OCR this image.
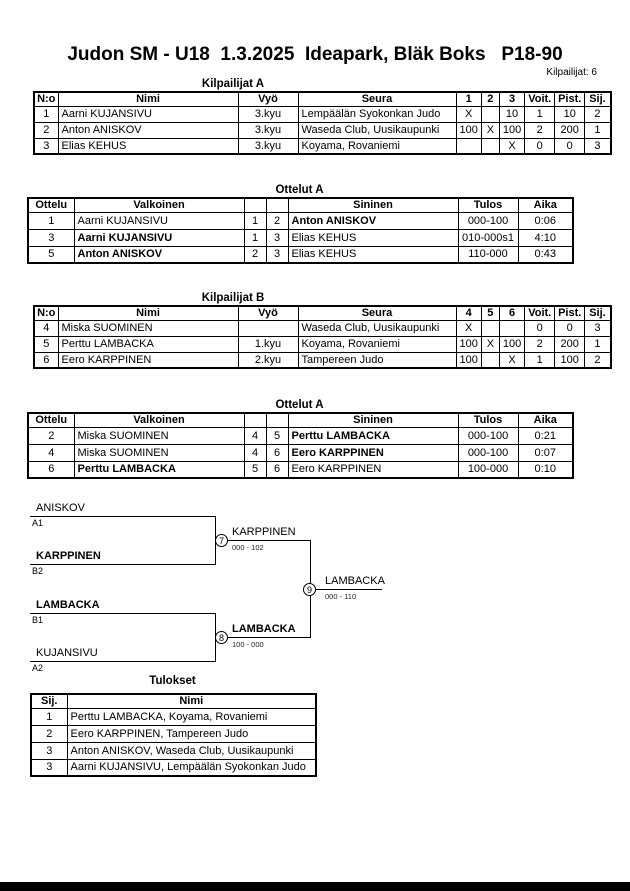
Judon SM - U18  1.3.2025  Ideapark, Bläk Boks   P18-90
Kilpailijat: 6
Kilpailijat A
N:o	Nimi	Vyö	Seura	1	2	3	Voit.	Pist.	Sij.
1	Aarni KUJANSIVU	3.kyu	Lempäälän Syokonkan Judo	X		10	1	10	2
2	Anton ANISKOV	3.kyu	Waseda Club, Uusikaupunki	100	X	100	2	200	1
3	Elias KEHUS	3.kyu	Koyama, Rovaniemi			X	0	0	3
Ottelut A
Ottelu	Valkoinen			Sininen	Tulos	Aika
1	Aarni KUJANSIVU	1	2	Anton ANISKOV	000-100	0:06
3	Aarni KUJANSIVU	1	3	Elias KEHUS	010-000s1	4:10
5	Anton ANISKOV	2	3	Elias KEHUS	110-000	0:43
Kilpailijat B
N:o	Nimi	Vyö	Seura	4	5	6	Voit.	Pist.	Sij.
4	Miska SUOMINEN		Waseda Club, Uusikaupunki	X			0	0	3
5	Perttu LAMBACKA	1.kyu	Koyama, Rovaniemi	100	X	100	2	200	1
6	Eero KARPPINEN	2.kyu	Tampereen Judo	100		X	1	100	2
Ottelut A
Ottelu	Valkoinen			Sininen	Tulos	Aika
2	Miska SUOMINEN	4	5	Perttu LAMBACKA	000-100	0:21
4	Miska SUOMINEN	4	6	Eero KARPPINEN	000-100	0:07
6	Perttu LAMBACKA	5	6	Eero KARPPINEN	100-000	0:10
ANISKOV
A1
KARPPINEN
B2
7
KARPPINEN
000 - 102
LAMBACKA
B1
KUJANSIVU
A2
8
LAMBACKA
100 - 000
9
LAMBACKA
000 - 110
Tulokset
Sij.	Nimi
1	Perttu LAMBACKA, Koyama, Rovaniemi
2	Eero KARPPINEN, Tampereen Judo
3	Anton ANISKOV, Waseda Club, Uusikaupunki
3	Aarni KUJANSIVU, Lempäälän Syokonkan Judo
